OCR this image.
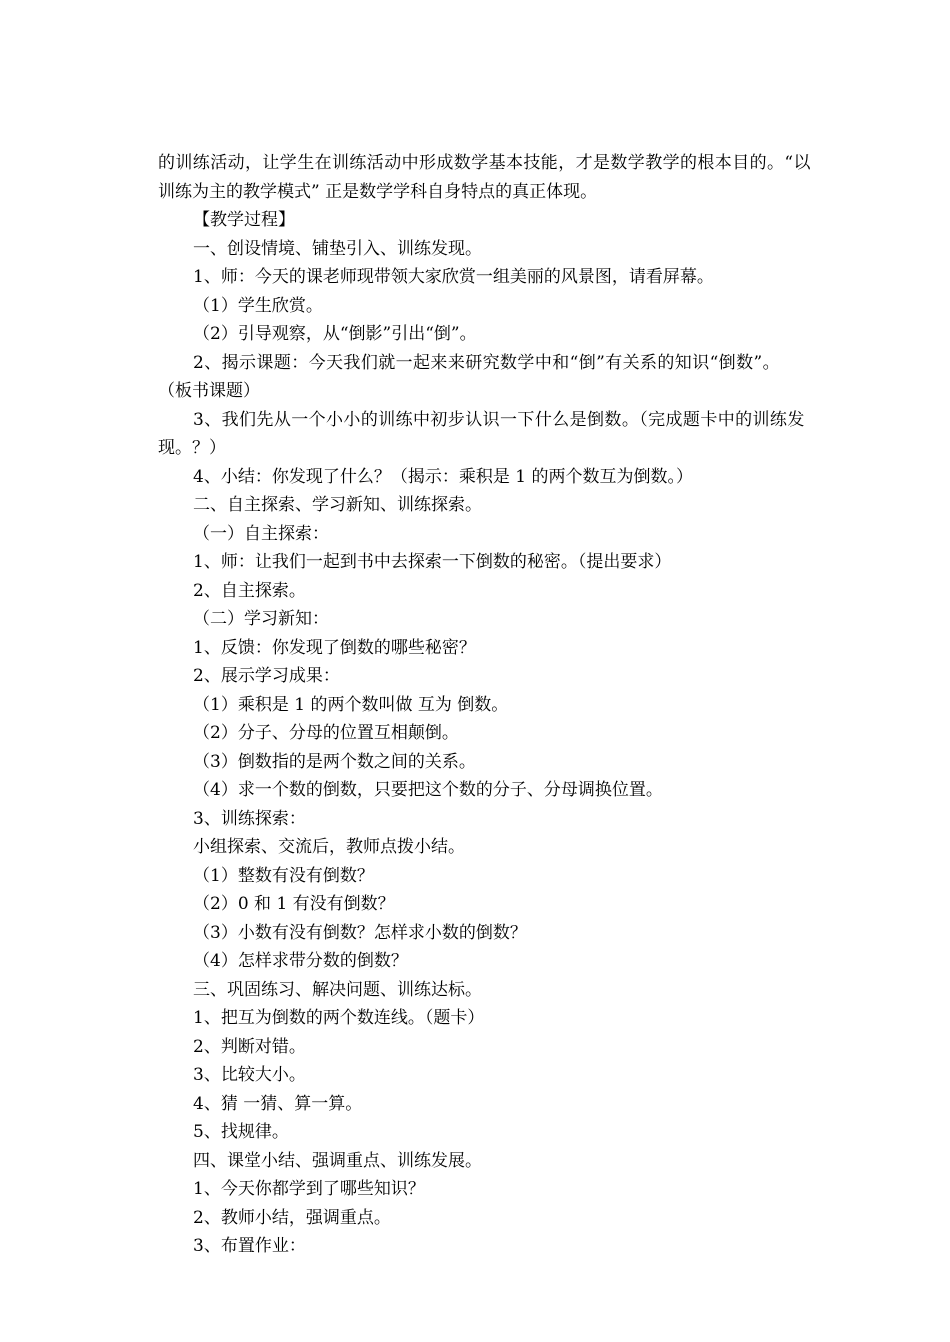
的训练活动，让学生在训练活动中形成数学基本技能，才是数学教学的根本目的。“以
训练为主的教学模式” 正是数学学科自身特点的真正体现。
【教学过程】
一、创设情境、铺垫引入、训练发现。
1、师：今天的课老师现带领大家欣赏一组美丽的风景图，请看屏幕。
（1）学生欣赏。
（2）引导观察，从“倒影”引出“倒”。
2、揭示课题：今天我们就一起来来研究数学中和“倒”有关系的知识“倒数”。
（板书课题）
3、我们先从一个小小的训练中初步认识一下什么是倒数。（完成题卡中的训练发
现。？）
4、小结：你发现了什么？（揭示：乘积是 1 的两个数互为倒数。）
二、自主探索、学习新知、训练探索。
（一）自主探索：
1、师：让我们一起到书中去探索一下倒数的秘密。（提出要求）
2、自主探索。
（二）学习新知：
1、反馈：你发现了倒数的哪些秘密？
2、展示学习成果：
（1）乘积是 1 的两个数叫做 互为 倒数。
（2）分子、分母的位置互相颠倒。
（3）倒数指的是两个数之间的关系。
（4）求一个数的倒数，只要把这个数的分子、分母调换位置。
3、训练探索：
小组探索、交流后，教师点拨小结。
（1）整数有没有倒数？
（2）0 和 1 有没有倒数？
（3）小数有没有倒数？怎样求小数的倒数？
（4）怎样求带分数的倒数？
三、巩固练习、解决问题、训练达标。
1、把互为倒数的两个数连线。（题卡）
2、判断对错。
3、比较大小。
4、猜 一猜、算一算。
5、找规律。
四、课堂小结、强调重点、训练发展。
1、今天你都学到了哪些知识？
2、教师小结，强调重点。
3、布置作业：
